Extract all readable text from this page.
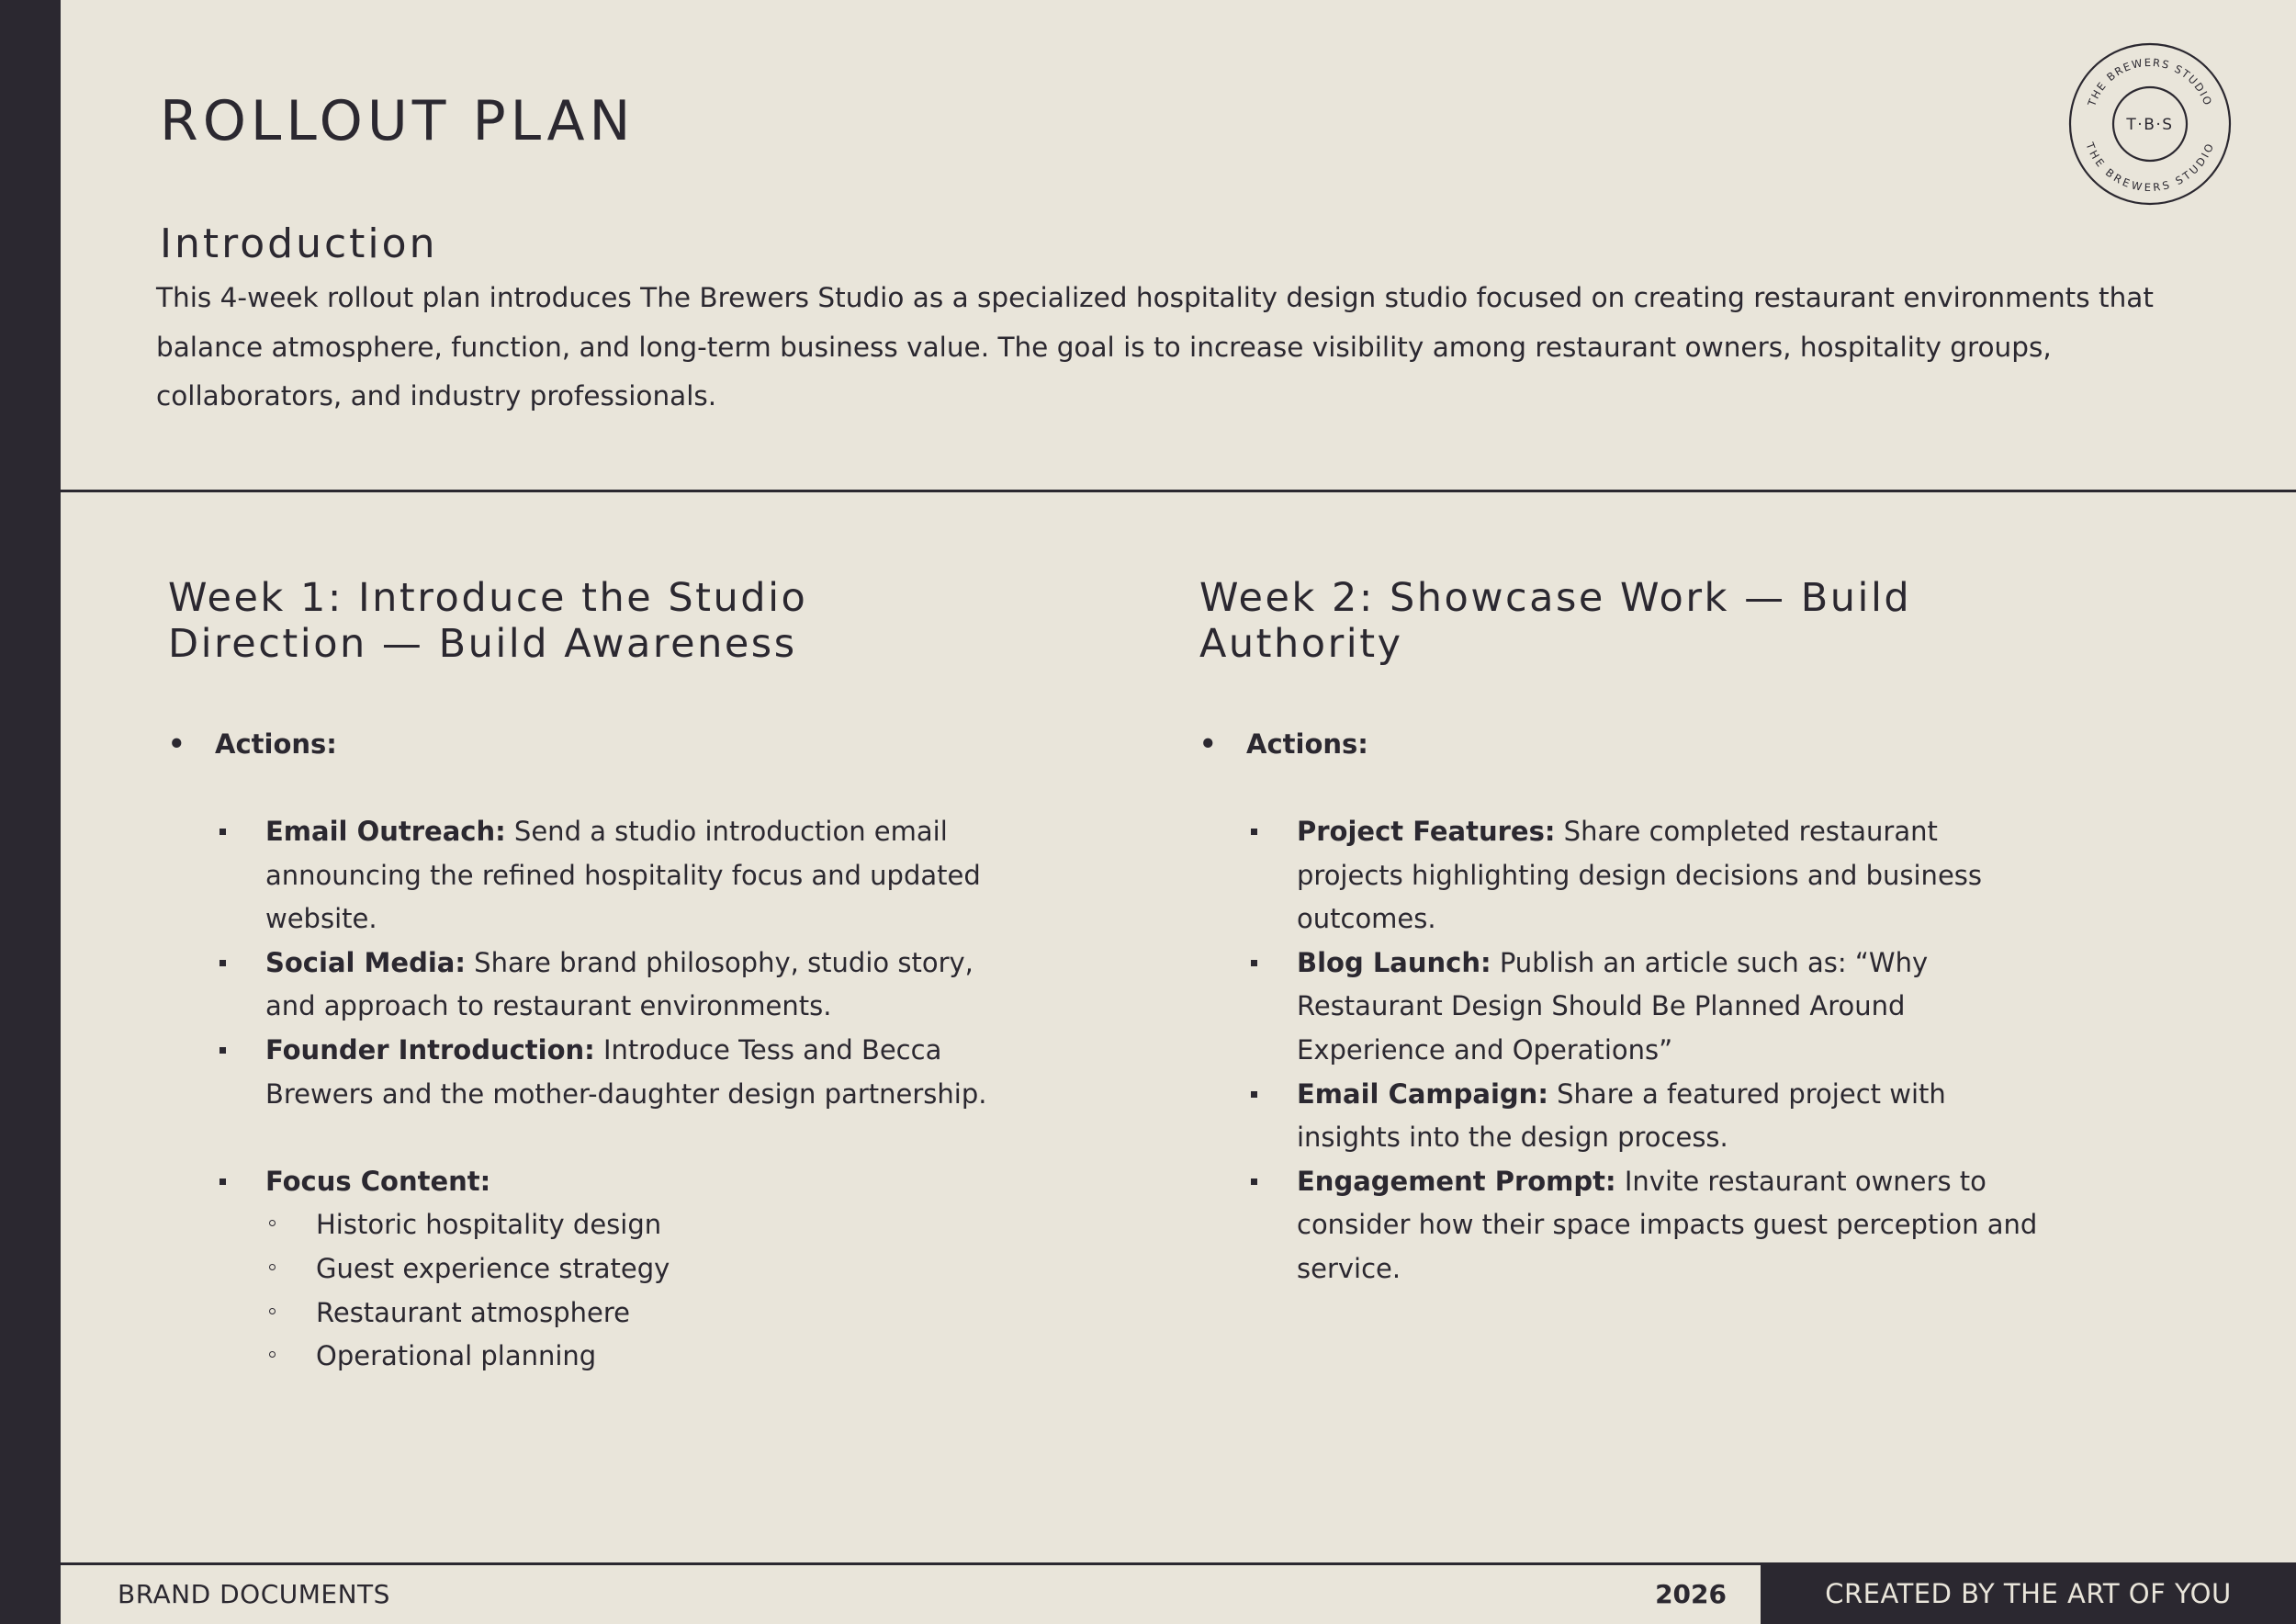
ROLLOUT PLAN	THE BREWERS STUDIO
THE BREWERS STUDIO
T·B·S
Introduction

This 4-week rollout plan introduces The Brewers Studio as a specialized hospitality design studio focused on creating restaurant environments that balance atmosphere, function, and long-term business value. The goal is to increase visibility among restaurant owners, hospitality groups, collaborators, and industry professionals.

Week 1: Introduce the Studio
Direction — Build Awareness
• Actions:
Email Outreach: Send a studio introduction email announcing the refined hospitality focus and updated website.
Social Media: Share brand philosophy, studio story, and approach to restaurant environments.
Founder Introduction: Introduce Tess and Becca Brewers and the mother-daughter design partnership.
Focus Content:
Historic hospitality design
Guest experience strategy
Restaurant atmosphere
Operational planning
Week 2: Showcase Work — Build
Authority
• Actions:
Project Features: Share completed restaurant projects highlighting design decisions and business outcomes.
Blog Launch: Publish an article such as: “Why Restaurant Design Should Be Planned Around Experience and Operations”
Email Campaign: Share a featured project with insights into the design process.
Engagement Prompt: Invite restaurant owners to consider how their space impacts guest perception and service.
BRAND DOCUMENTS	2026	CREATED BY THE ART OF YOU
